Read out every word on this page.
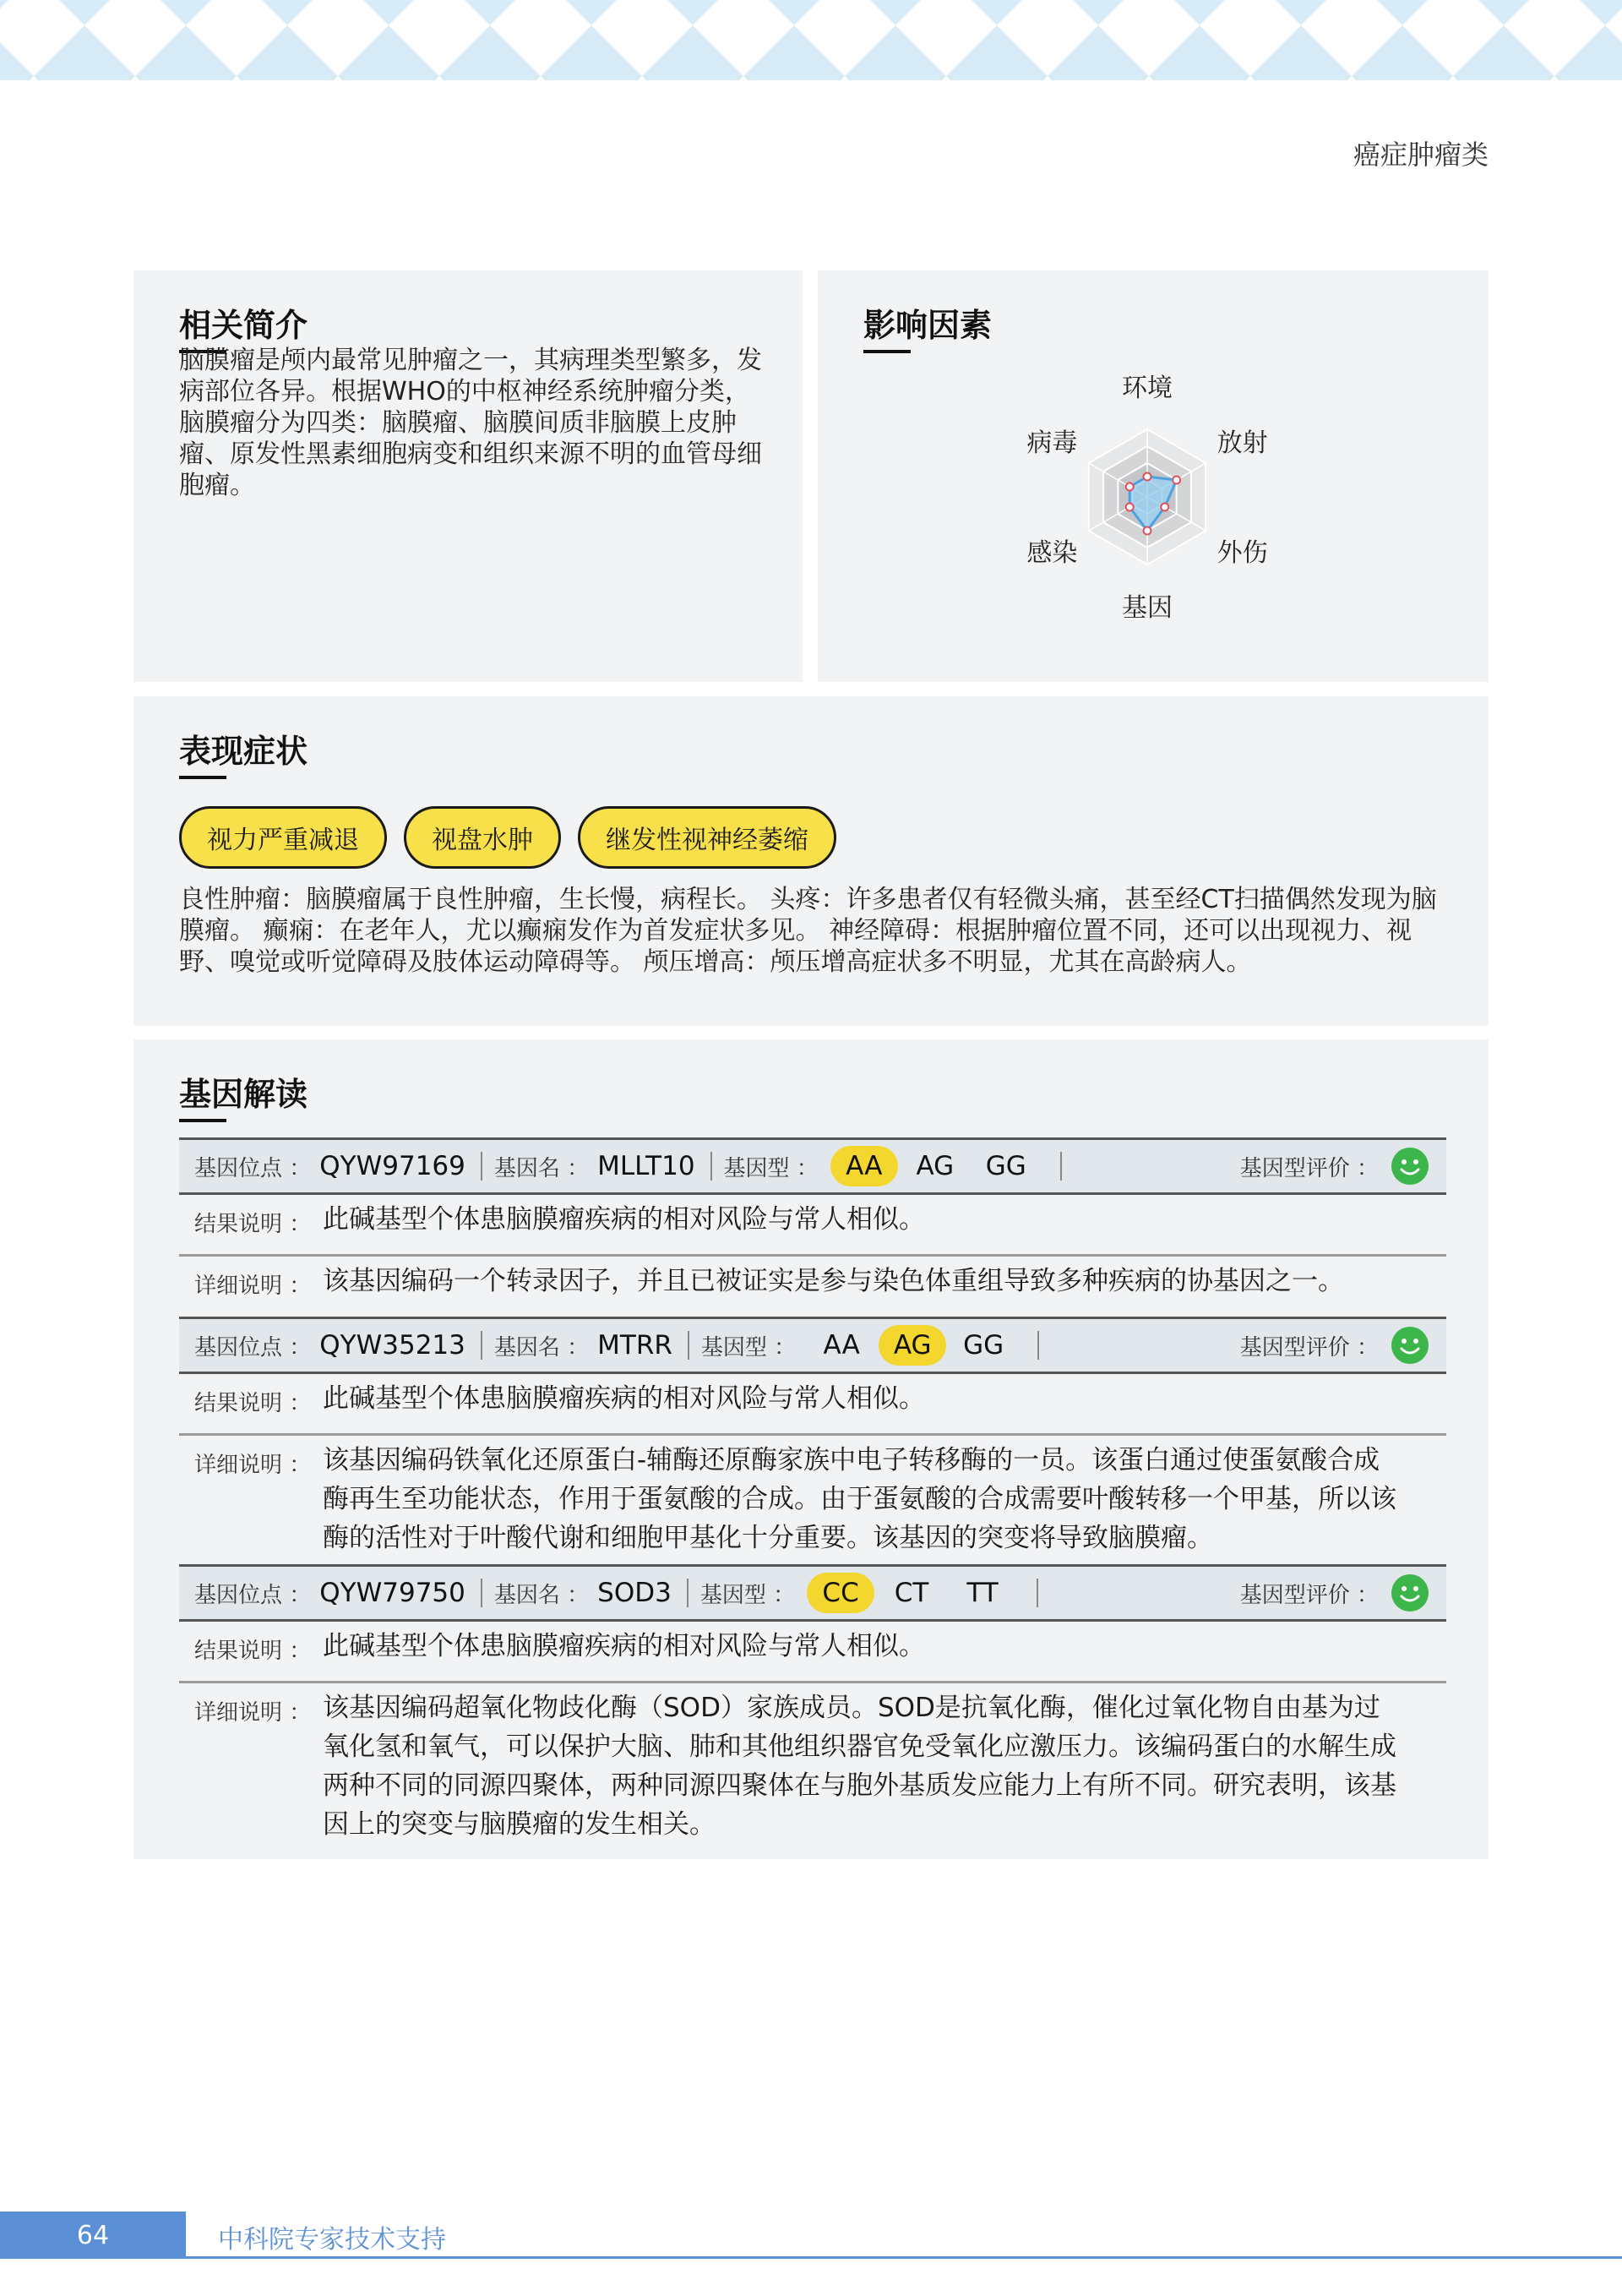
癌症肿瘤类
相关简介
脑膜瘤是颅内最常见肿瘤之一，其病理类型繁多，发病部位各异。根据WHO的中枢神经系统肿瘤分类，脑膜瘤分为四类：脑膜瘤、脑膜间质非脑膜上皮肿瘤、原发性黑素细胞病变和组织来源不明的血管母细胞瘤。
影响因素
环境
放射
外伤
基因
感染
病毒
表现症状
视力严重减退	视盘水肿	继发性视神经萎缩
良性肿瘤：脑膜瘤属于良性肿瘤，生长慢，病程长。 头疼：许多患者仅有轻微头痛，甚至经CT扫描偶然发现为脑膜瘤。 癫痫：在老年人，尤以癫痫发作为首发症状多见。 神经障碍：根据肿瘤位置不同，还可以出现视力、视野、嗅觉或听觉障碍及肢体运动障碍等。 颅压增高：颅压增高症状多不明显，尤其在高龄病人。
基因解读
基因位点 ： QYW97169	基因名 ： MLLT10	基因型 ：	AA	AG	GG	基因型评价 ：
结果说明 ： 此碱基型个体患脑膜瘤疾病的相对风险与常人相似。
详细说明 ： 该基因编码一个转录因子，并且已被证实是参与染色体重组导致多种疾病的协基因之一。
基因位点 ： QYW35213	基因名 ： MTRR	基因型 ：	AA	AG	GG	基因型评价 ：
结果说明 ： 此碱基型个体患脑膜瘤疾病的相对风险与常人相似。
详细说明 ： 该基因编码铁氧化还原蛋白-辅酶还原酶家族中电子转移酶的一员。该蛋白通过使蛋氨酸合成酶再生至功能状态，作用于蛋氨酸的合成。由于蛋氨酸的合成需要叶酸转移一个甲基，所以该酶的活性对于叶酸代谢和细胞甲基化十分重要。该基因的突变将导致脑膜瘤。
基因位点 ： QYW79750	基因名 ： SOD3	基因型 ：	CC	CT	TT	基因型评价 ：
结果说明 ： 此碱基型个体患脑膜瘤疾病的相对风险与常人相似。
详细说明 ： 该基因编码超氧化物歧化酶（SOD）家族成员。SOD是抗氧化酶，催化过氧化物自由基为过氧化氢和氧气，可以保护大脑、肺和其他组织器官免受氧化应激压力。该编码蛋白的水解生成两种不同的同源四聚体，两种同源四聚体在与胞外基质发应能力上有所不同。研究表明，该基因上的突变与脑膜瘤的发生相关。
64	中科院专家技术支持
